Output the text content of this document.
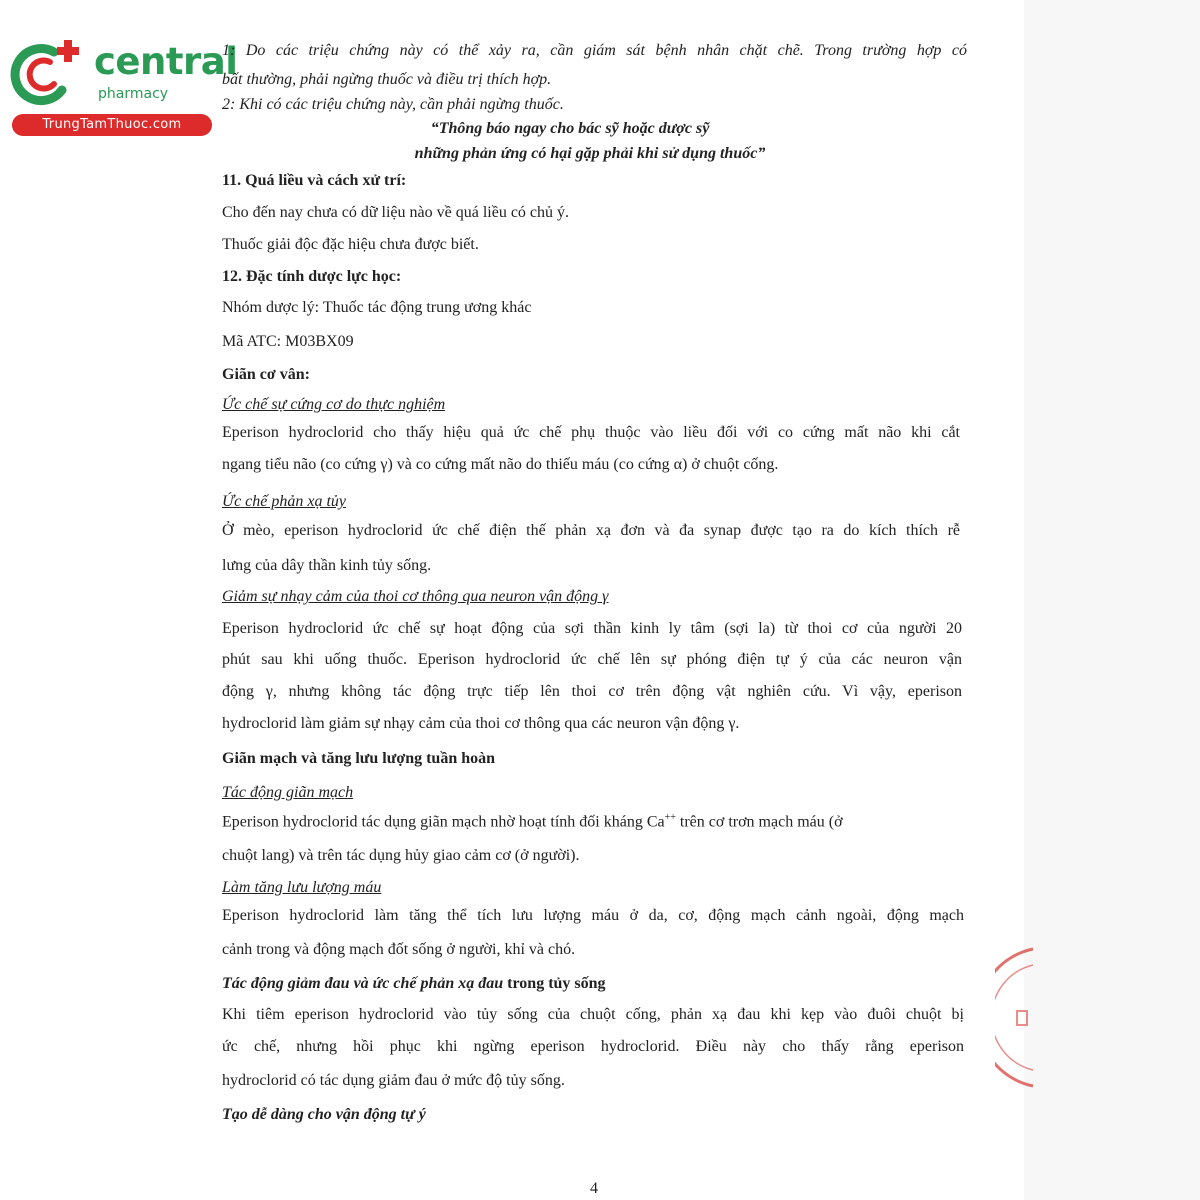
central
pharmacy
TrungTamThuoc.com
1: Do các triệu chứng này có thể xảy ra, cần giám sát bệnh nhân chặt chẽ. Trong trường hợp có
bất thường, phải ngừng thuốc và điều trị thích hợp.
2: Khi có các triệu chứng này, cần phải ngừng thuốc.
“Thông báo ngay cho bác sỹ hoặc dược sỹ
những phản ứng có hại gặp phải khi sử dụng thuốc”
11. Quá liều và cách xử trí:
Cho đến nay chưa có dữ liệu nào về quá liều có chủ ý.
Thuốc giải độc đặc hiệu chưa được biết.
12. Đặc tính dược lực học:
Nhóm dược lý: Thuốc tác động trung ương khác
Mã ATC: M03BX09
Giãn cơ vân:
Ức chế sự cứng cơ do thực nghiệm
Eperison hydroclorid cho thấy hiệu quả ức chế phụ thuộc vào liều đối với co cứng mất não khi cắt
ngang tiểu não (co cứng γ) và co cứng mất não do thiếu máu (co cứng α) ở chuột cống.
Ức chế phản xạ tủy
Ở mèo, eperison hydroclorid ức chế điện thế phản xạ đơn và đa synap được tạo ra do kích thích rễ
lưng của dây thần kinh tủy sống.
Giảm sự nhạy cảm của thoi cơ thông qua neuron vận động γ
Eperison hydroclorid ức chế sự hoạt động của sợi thần kinh ly tâm (sợi la) từ thoi cơ của người 20
phút sau khi uống thuốc. Eperison hydroclorid ức chế lên sự phóng điện tự ý của các neuron vận
động γ, nhưng không tác động trực tiếp lên thoi cơ trên động vật nghiên cứu. Vì vậy, eperison
hydroclorid làm giảm sự nhạy cảm của thoi cơ thông qua các neuron vận động γ.
Giãn mạch và tăng lưu lượng tuần hoàn
Tác động giãn mạch
Eperison hydroclorid tác dụng giãn mạch nhờ hoạt tính đối kháng Ca++ trên cơ trơn mạch máu (ở
chuột lang) và trên tác dụng hủy giao cảm cơ (ở người).
Làm tăng lưu lượng máu
Eperison hydroclorid làm tăng thể tích lưu lượng máu ở da, cơ, động mạch cảnh ngoài, động mạch
cảnh trong và động mạch đốt sống ở người, khỉ và chó.
Tác động giảm đau và ức chế phản xạ đau trong tủy sống
Khi tiêm eperison hydroclorid vào tủy sống của chuột cống, phản xạ đau khi kẹp vào đuôi chuột bị
ức chế, nhưng hồi phục khi ngừng eperison hydroclorid. Điều này cho thấy rằng eperison
hydroclorid có tác dụng giảm đau ở mức độ tủy sống.
Tạo dễ dàng cho vận động tự ý
4
